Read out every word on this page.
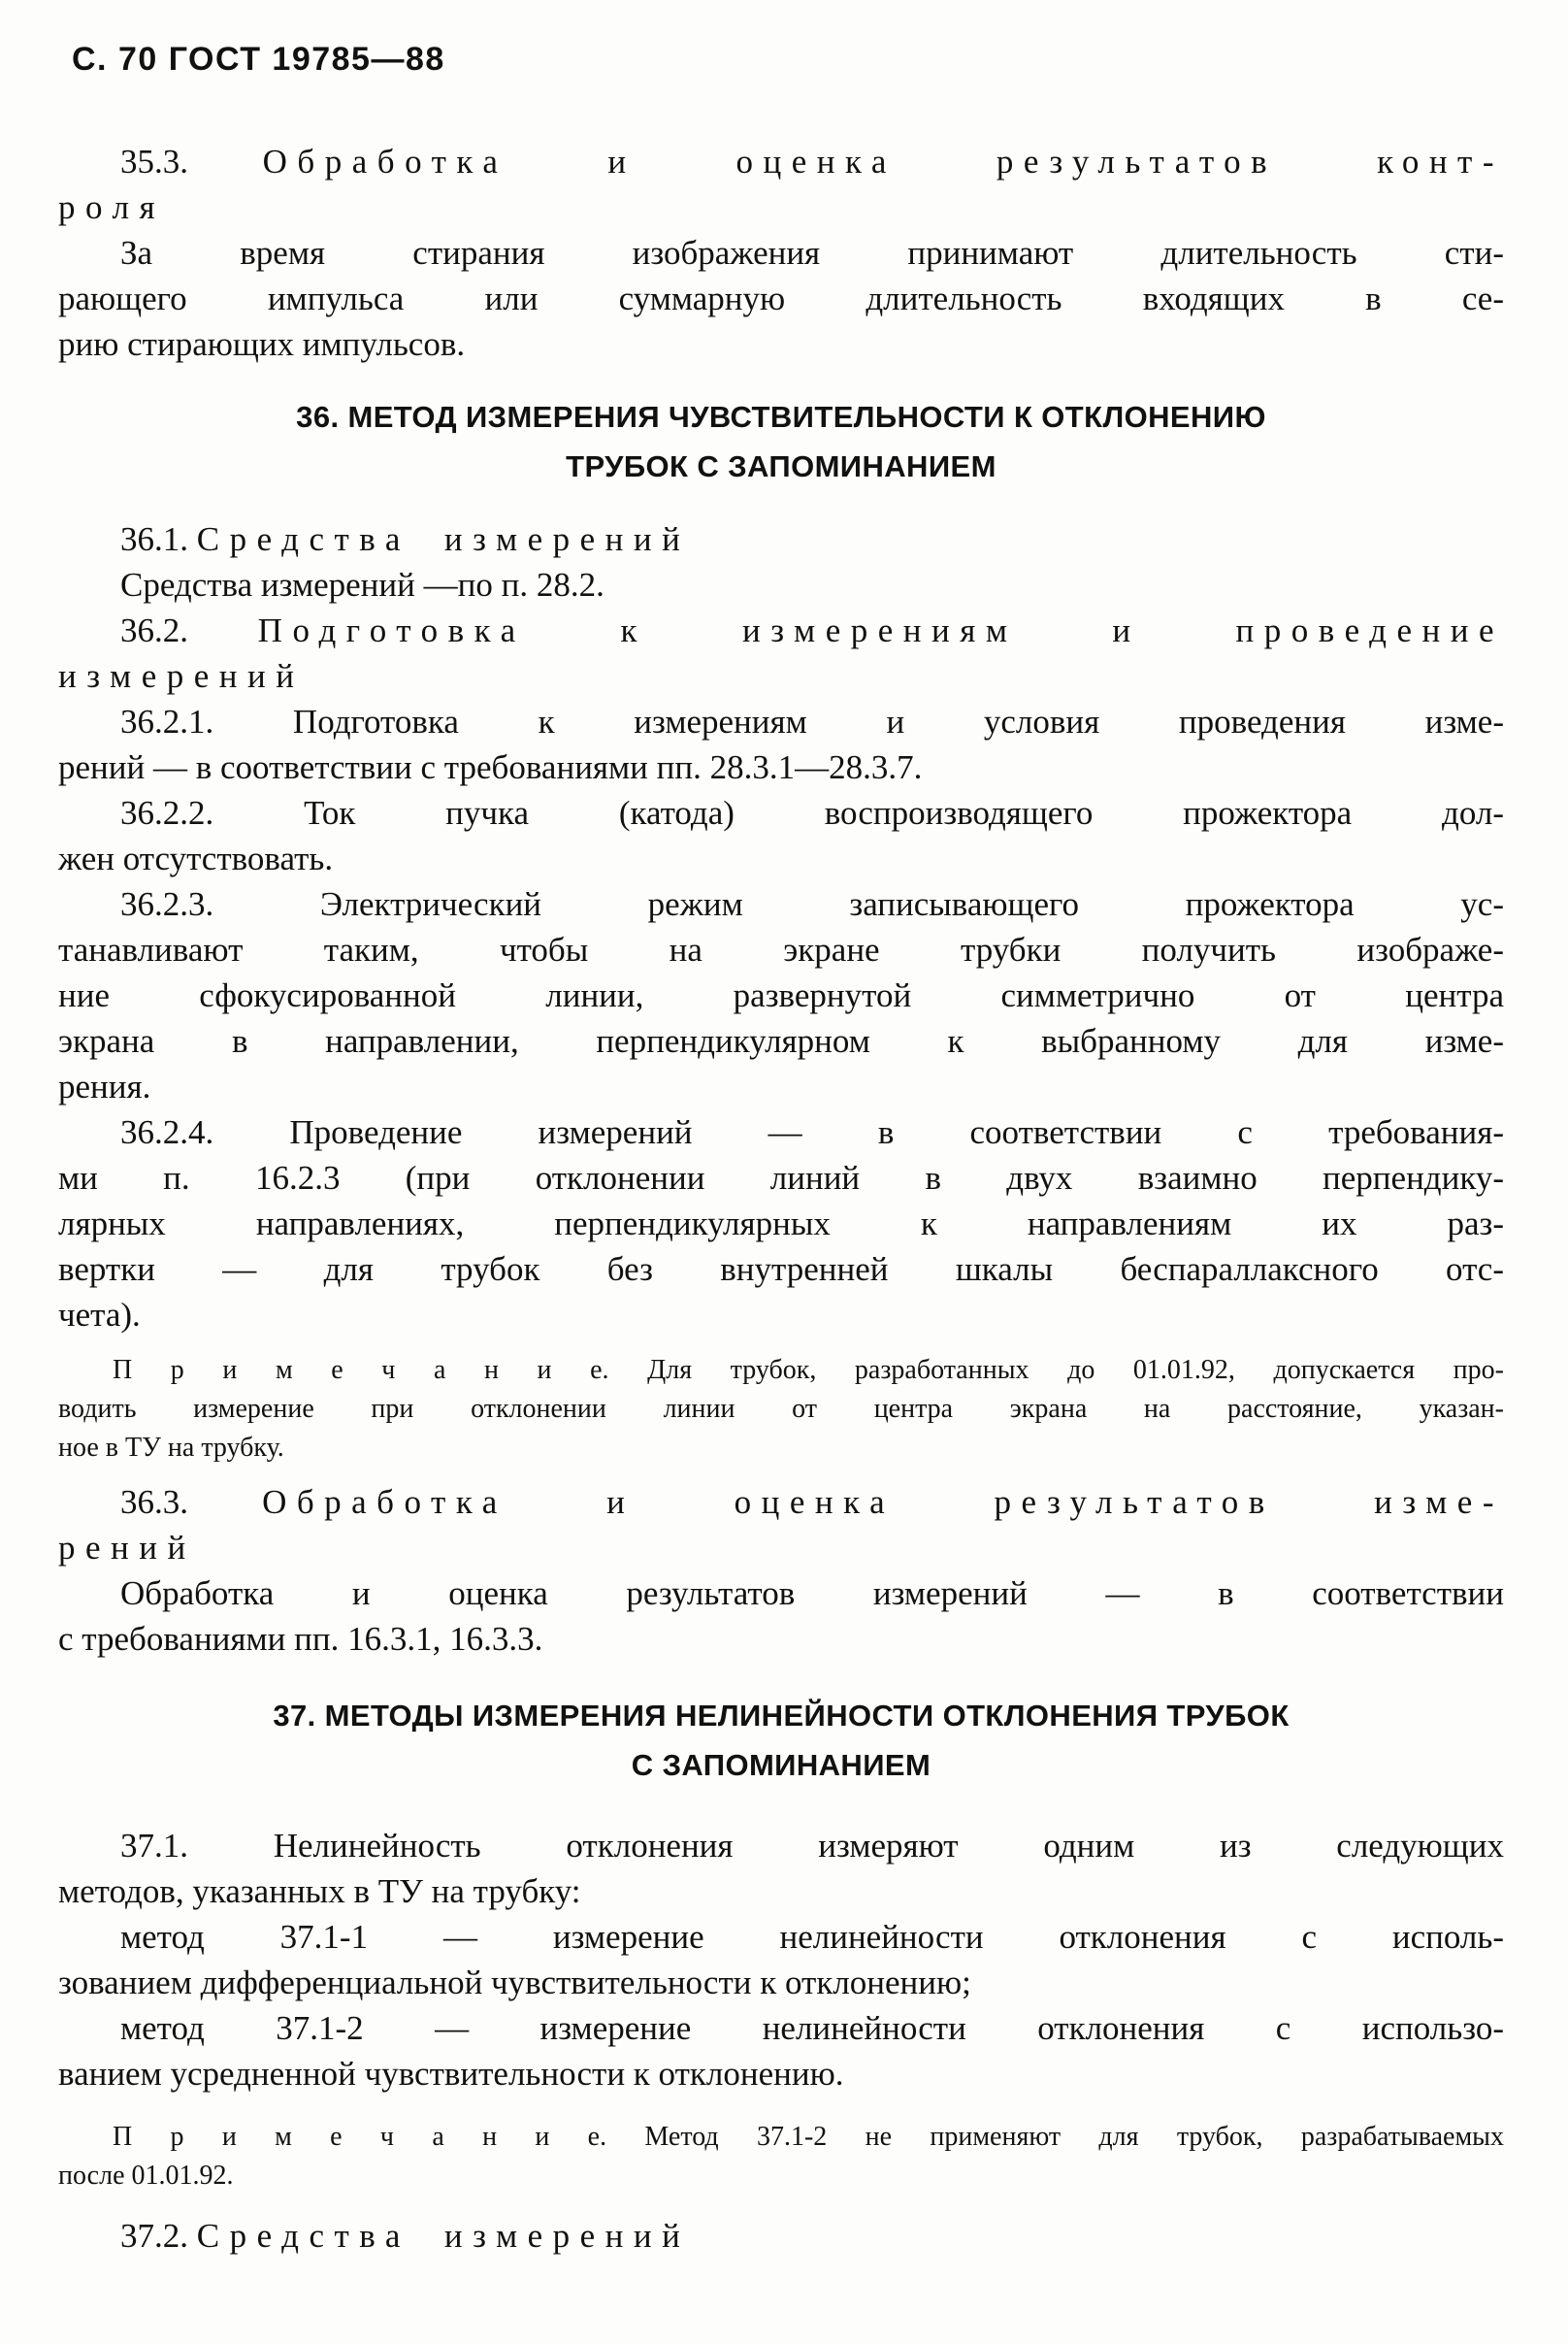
С. 70 ГОСТ 19785—88
35.3. Обработка и оценка результатов конт-
роля
За время стирания изображения принимают длительность сти-
рающего импульса или суммарную длительность входящих в се-
рию стирающих импульсов.
36. МЕТОД ИЗМЕРЕНИЯ ЧУВСТВИТЕЛЬНОСТИ К ОТКЛОНЕНИЮ
ТРУБОК С ЗАПОМИНАНИЕМ
36.1. Средства измерений
Средства измерений —по п. 28.2.
36.2. Подготовка к измерениям и проведение
измерений
36.2.1. Подготовка к измерениям и условия проведения изме-
рений — в соответствии с требованиями пп. 28.3.1—28.3.7.
36.2.2. Ток пучка (катода) воспроизводящего прожектора дол-
жен отсутствовать.
36.2.3. Электрический режим записывающего прожектора ус-
танавливают таким, чтобы на экране трубки получить изображе-
ние сфокусированной линии, развернутой симметрично от центра
экрана в направлении, перпендикулярном к выбранному для изме-
рения.
36.2.4. Проведение измерений — в соответствии с требования-
ми п. 16.2.3 (при отклонении линий в двух взаимно перпендику-
лярных направлениях, перпендикулярных к направлениям их раз-
вертки — для трубок без внутренней шкалы беспараллаксного отс-
чета).
П р и м е ч а н и е. Для трубок, разработанных до 01.01.92, допускается про-
водить измерение при отклонении линии от центра экрана на расстояние, указан-
ное в ТУ на трубку.
36.3. Обработка и оценка результатов изме-
рений
Обработка и оценка результатов измерений — в соответствии
с требованиями пп. 16.3.1, 16.3.3.
37. МЕТОДЫ ИЗМЕРЕНИЯ НЕЛИНЕЙНОСТИ ОТКЛОНЕНИЯ ТРУБОК
С ЗАПОМИНАНИЕМ
37.1. Нелинейность отклонения измеряют одним из следующих
методов, указанных в ТУ на трубку:
метод 37.1-1 — измерение нелинейности отклонения с исполь-
зованием дифференциальной чувствительности к отклонению;
метод 37.1-2 — измерение нелинейности отклонения с использо-
ванием усредненной чувствительности к отклонению.
П р и м е ч а н и е. Метод 37.1-2 не применяют для трубок, разрабатываемых
после 01.01.92.
37.2. Средства измерений
